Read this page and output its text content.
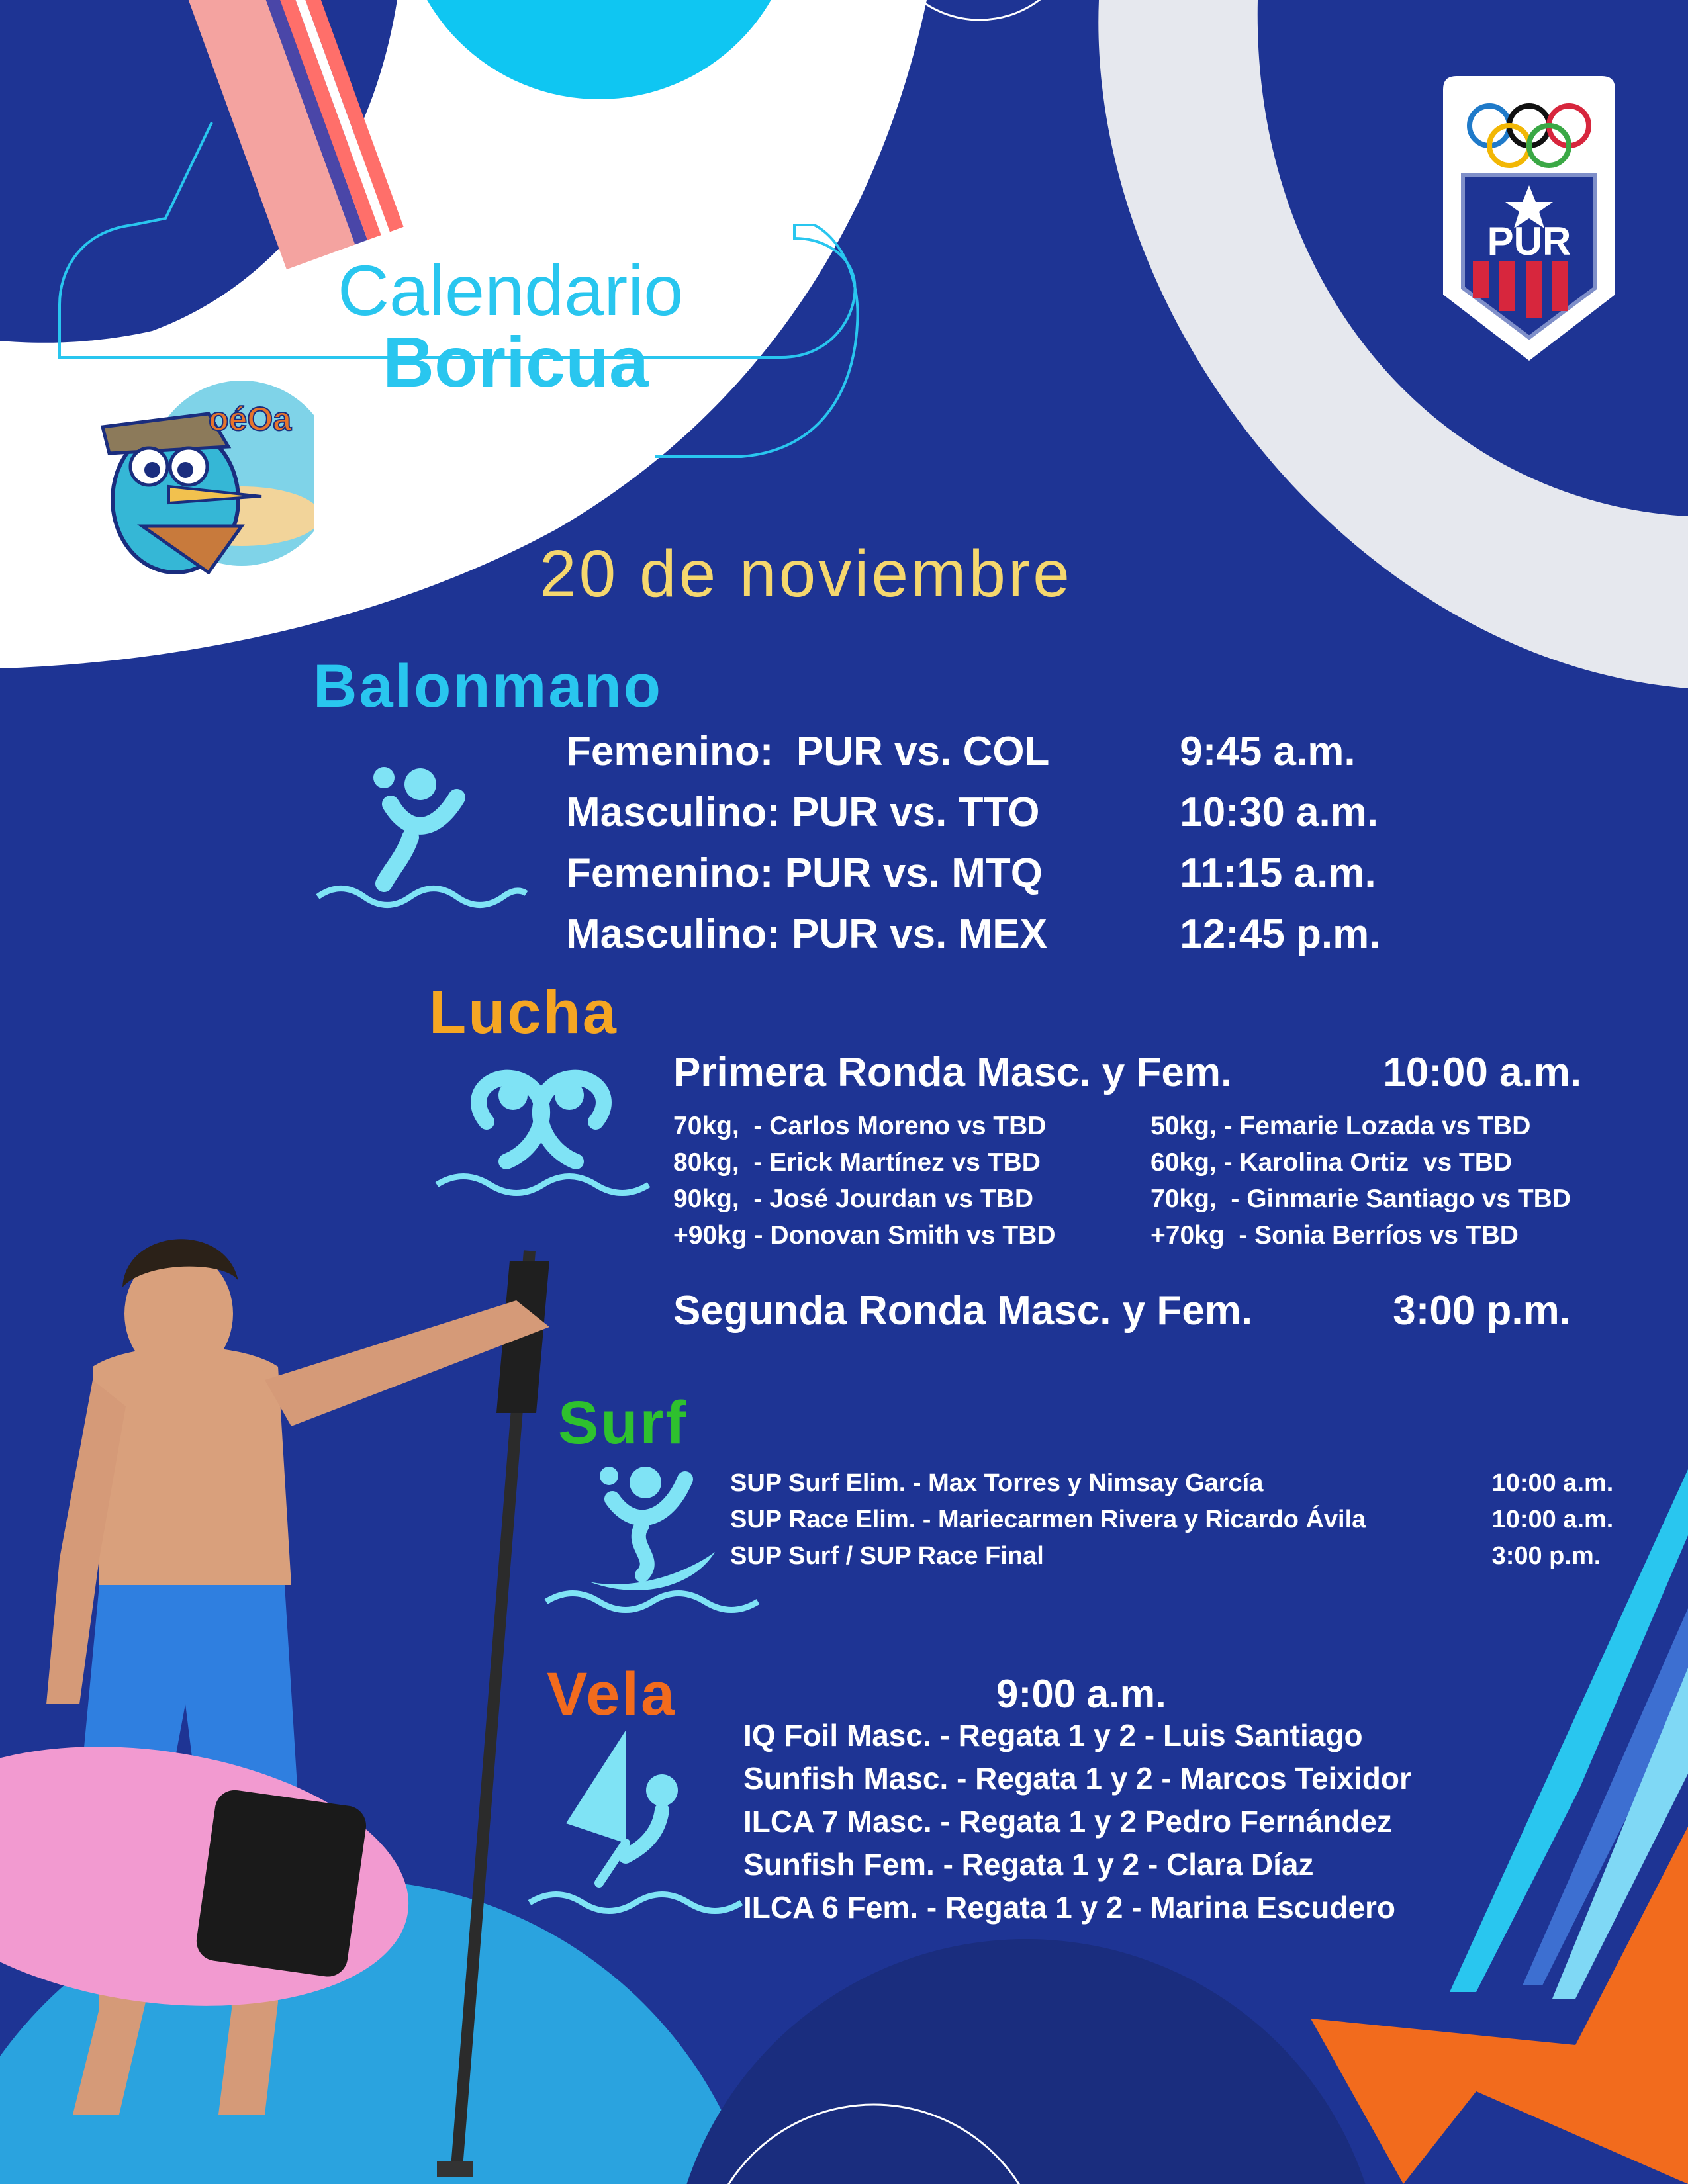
Calendario
Boricua
oéOa
PUR
20 de noviembre
Balonmano
Femenino:  PUR vs. COL	9:45 a.m.
Masculino: PUR vs. TTO	10:30 a.m.
Femenino: PUR vs. MTQ	11:15 a.m.
Masculino: PUR vs. MEX	12:45 p.m.
Lucha
Primera Ronda Masc. y Fem.	10:00 a.m.
70kg,  - Carlos Moreno vs TBD
80kg,  - Erick Martínez vs TBD
90kg,  - José Jourdan vs TBD
+90kg - Donovan Smith vs TBD
50kg, - Femarie Lozada vs TBD
60kg, - Karolina Ortiz  vs TBD
70kg,  - Ginmarie Santiago vs TBD
+70kg  - Sonia Berríos vs TBD
Segunda Ronda Masc. y Fem.	3:00 p.m.
Surf
SUP Surf Elim. - Max Torres y Nimsay García	10:00 a.m.
SUP Race Elim. - Mariecarmen Rivera y Ricardo Ávila	10:00 a.m.
SUP Surf / SUP Race Final	3:00 p.m.
Vela	9:00 a.m.
IQ Foil Masc. - Regata 1 y 2 - Luis Santiago
Sunfish Masc. - Regata 1 y 2 - Marcos Teixidor
ILCA 7 Masc. - Regata 1 y 2 Pedro Fernández
Sunfish Fem. - Regata 1 y 2 - Clara Díaz
ILCA 6 Fem. - Regata 1 y 2 - Marina Escudero
